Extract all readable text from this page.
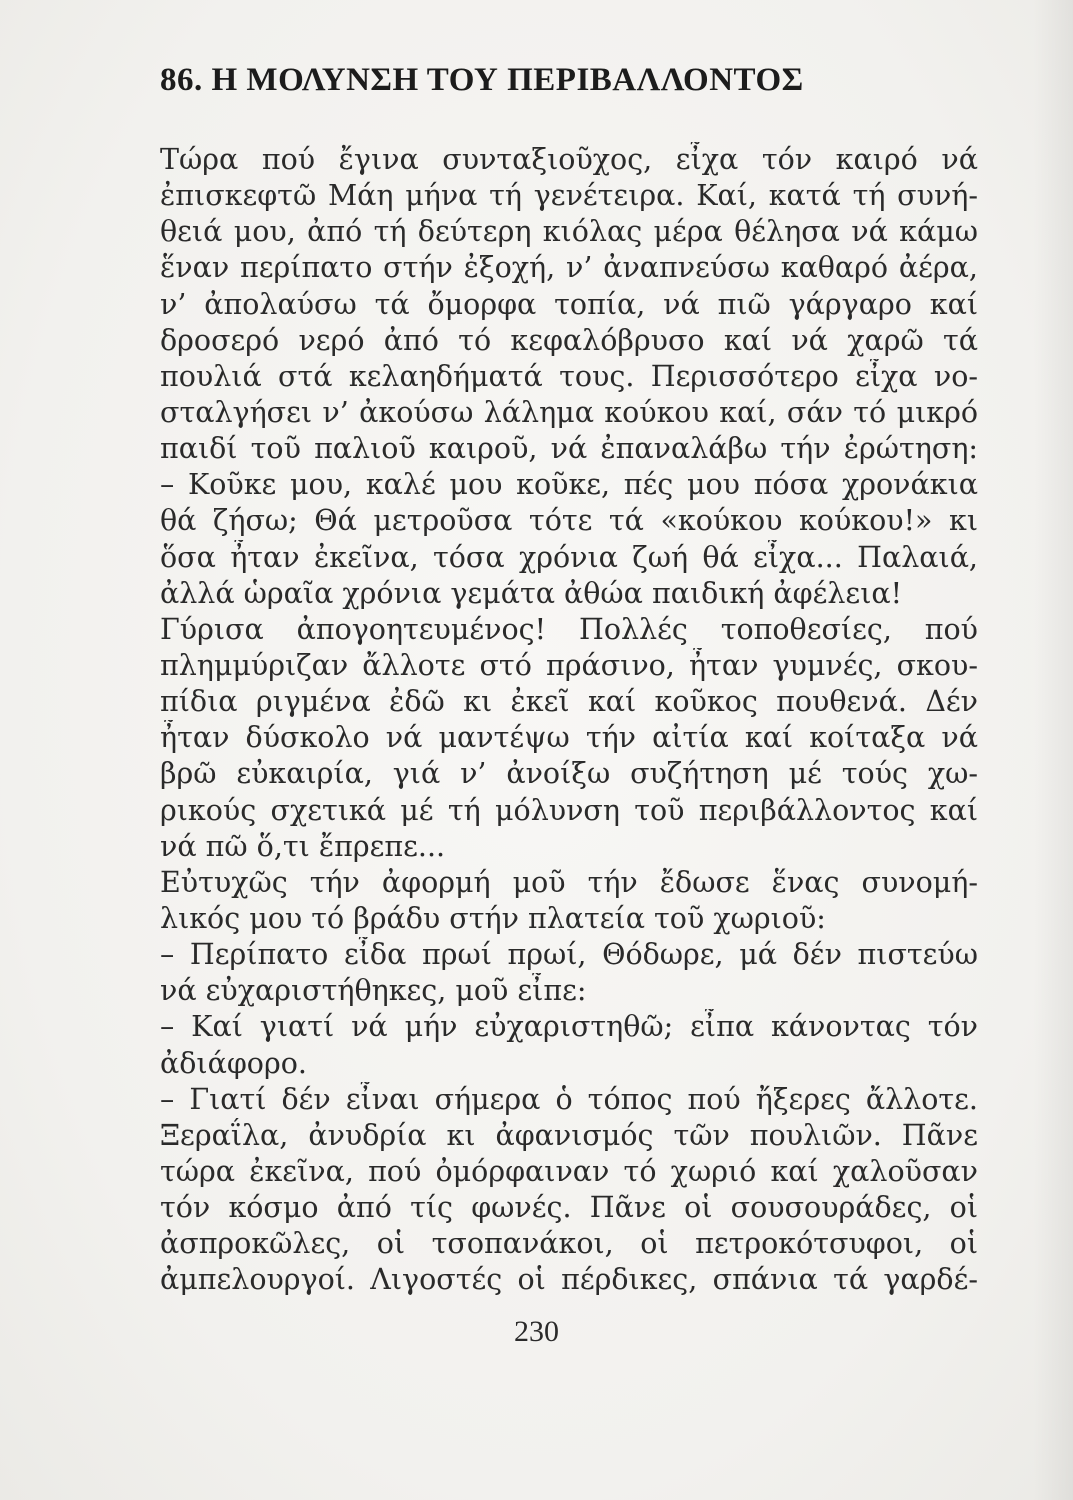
86. Η ΜΟΛΥΝΣΗ ΤΟΥ ΠΕΡΙΒΑΛΛΟΝΤΟΣ
Τώρα πού ἔγινα συνταξιοῦχος, εἶχα τόν καιρό νά
ἐπισκεφτῶ Μάη μήνα τή γενέτειρα. Καί, κατά τή συνή-
θειά μου, ἀπό τή δεύτερη κιόλας μέρα θέλησα νά κάμω
ἕναν περίπατο στήν ἐξοχή, ν’ ἀναπνεύσω καθαρό ἀέρα,
ν’ ἀπολαύσω τά ὄμορφα τοπία, νά πιῶ γάργαρο καί
δροσερό νερό ἀπό τό κεφαλόβρυσο καί νά χαρῶ τά
πουλιά στά κελαηδήματά τους. Περισσότερο εἶχα νο-
σταλγήσει ν’ ἀκούσω λάλημα κούκου καί, σάν τό μικρό
παιδί τοῦ παλιοῦ καιροῦ, νά ἐπαναλάβω τήν ἐρώτηση:
– Κοῦκε μου, καλέ μου κοῦκε, πές μου πόσα χρονάκια
θά ζήσω; Θά μετροῦσα τότε τά «κούκου κούκου!» κι
ὅσα ἦταν ἐκεῖνα, τόσα χρόνια ζωή θά εἶχα... Παλαιά,
ἀλλά ὡραῖα χρόνια γεμάτα ἀθώα παιδική ἀφέλεια!
Γύρισα ἀπογοητευμένος! Πολλές τοποθεσίες, πού
πλημμύριζαν ἄλλοτε στό πράσινο, ἦταν γυμνές, σκου-
πίδια ριγμένα ἐδῶ κι ἐκεῖ καί κοῦκος πουθενά. Δέν
ἦταν δύσκολο νά μαντέψω τήν αἰτία καί κοίταξα νά
βρῶ εὐκαιρία, γιά ν’ ἀνοίξω συζήτηση μέ τούς χω-
ρικούς σχετικά μέ τή μόλυνση τοῦ περιβάλλοντος καί
νά πῶ ὅ,τι ἔπρεπε...
Εὐτυχῶς τήν ἀφορμή μοῦ τήν ἔδωσε ἕνας συνομή-
λικός μου τό βράδυ στήν πλατεία τοῦ χωριοῦ:
– Περίπατο εἶδα πρωί πρωί, Θόδωρε, μά δέν πιστεύω
νά εὐχαριστήθηκες, μοῦ εἶπε:
– Καί γιατί νά μήν εὐχαριστηθῶ; εἶπα κάνοντας τόν
ἀδιάφορο.
– Γιατί δέν εἶναι σήμερα ὁ τόπος πού ἤξερες ἄλλοτε.
Ξεραΐλα, ἀνυδρία κι ἀφανισμός τῶν πουλιῶν. Πᾶνε
τώρα ἐκεῖνα, πού ὀμόρφαιναν τό χωριό καί χαλοῦσαν
τόν κόσμο ἀπό τίς φωνές. Πᾶνε οἱ σουσουράδες, οἱ
ἀσπροκῶλες, οἱ τσοπανάκοι, οἱ πετροκότσυφοι, οἱ
ἀμπελουργοί. Λιγοστές οἱ πέρδικες, σπάνια τά γαρδέ-
230
